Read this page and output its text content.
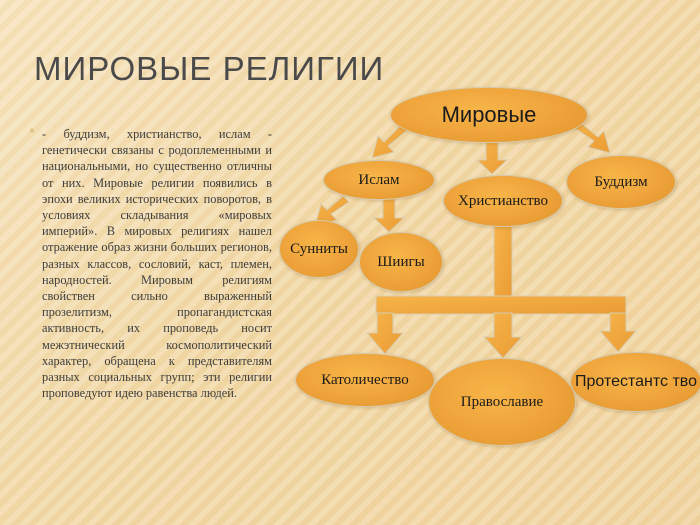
МИРОВЫЕ РЕЛИГИИ
▫ - буддизм, христианство, ислам - генетически связаны с родоплеменными и национальными, но существенно отличны от них. Мировые религии появились в эпохи великих исторических поворотов, в условиях складывания «мировых империй». В мировых религиях нашел отражение образ жизни больших регионов, разных классов, сословий, каст, племен, народностей. Мировым религиям свойствен сильно выраженный прозелитизм, пропагандистская активность, их проповедь носит межэтнический космополитический характер, обращена к представителям разных социальных групп; эти религии проповедуют идею равенства людей.
Мировые
Ислам
Христианство
Буддизм
Сунниты
Шиигы
Католичество
Православие
Протестантс тво
